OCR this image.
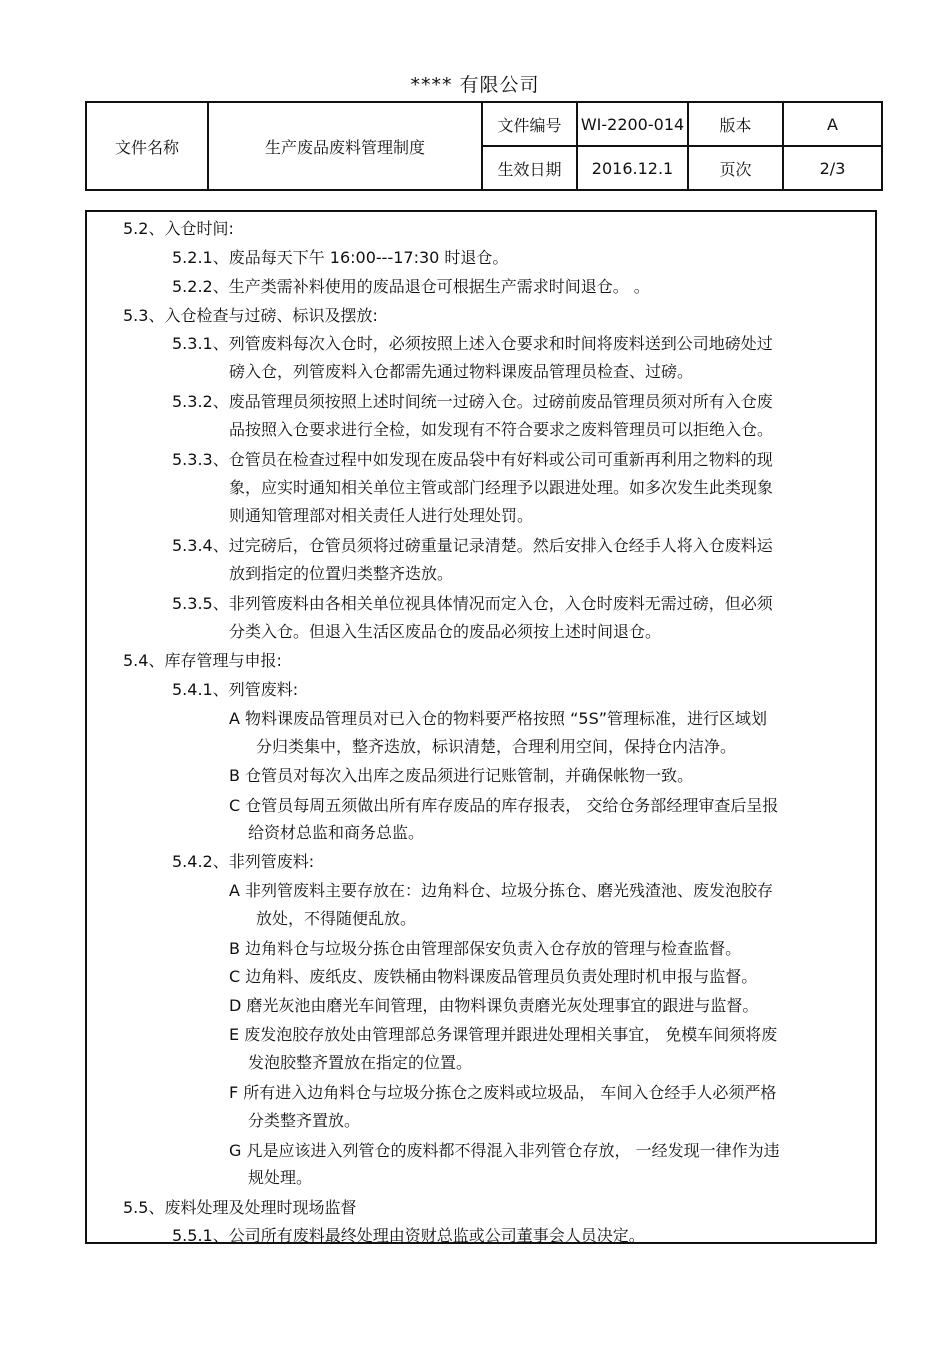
**** 有限公司
文件名称	生产废品废料管理制度	文件编号	WI-2200-014	版本	A
		生效日期	2016.12.1	页次	2/3
5.2、入仓时间:
5.2.1、废品每天下午 16:00---17:30 时退仓。
5.2.2、生产类需补料使用的废品退仓可根据生产需求时间退仓。 。
5.3、入仓检查与过磅、标识及摆放:
5.3.1、列管废料每次入仓时，必须按照上述入仓要求和时间将废料送到公司地磅处过
磅入仓，列管废料入仓都需先通过物料课废品管理员检查、过磅。
5.3.2、废品管理员须按照上述时间统一过磅入仓。过磅前废品管理员须对所有入仓废
品按照入仓要求进行全检，如发现有不符合要求之废料管理员可以拒绝入仓。
5.3.3、仓管员在检查过程中如发现在废品袋中有好料或公司可重新再利用之物料的现
象，应实时通知相关单位主管或部门经理予以跟进处理。如多次发生此类现象
则通知管理部对相关责任人进行处理处罚。
5.3.4、过完磅后，仓管员须将过磅重量记录清楚。然后安排入仓经手人将入仓废料运
放到指定的位置归类整齐迭放。
5.3.5、非列管废料由各相关单位视具体情况而定入仓，入仓时废料无需过磅，但必须
分类入仓。但退入生活区废品仓的废品必须按上述时间退仓。
5.4、库存管理与申报:
5.4.1、列管废料:
A 物料课废品管理员对已入仓的物料要严格按照 “5S”管理标准，进行区域划
分归类集中，整齐迭放，标识清楚，合理利用空间，保持仓内洁净。
B 仓管员对每次入出库之废品须进行记账管制，并确保帐物一致。
C 仓管员每周五须做出所有库存废品的库存报表， 交给仓务部经理审查后呈报
给资材总监和商务总监。
5.4.2、非列管废料:
A 非列管废料主要存放在：边角料仓、垃圾分拣仓、磨光残渣池、废发泡胶存
放处，不得随便乱放。
B 边角料仓与垃圾分拣仓由管理部保安负责入仓存放的管理与检查监督。
C 边角料、废纸皮、废铁桶由物料课废品管理员负责处理时机申报与监督。
D 磨光灰池由磨光车间管理，由物料课负责磨光灰处理事宜的跟进与监督。
E 废发泡胶存放处由管理部总务课管理并跟进处理相关事宜， 免模车间须将废
发泡胶整齐置放在指定的位置。
F 所有进入边角料仓与垃圾分拣仓之废料或垃圾品， 车间入仓经手人必须严格
分类整齐置放。
G 凡是应该进入列管仓的废料都不得混入非列管仓存放， 一经发现一律作为违
规处理。
5.5、废料处理及处理时现场监督
5.5.1、公司所有废料最终处理由资财总监或公司董事会人员决定。
